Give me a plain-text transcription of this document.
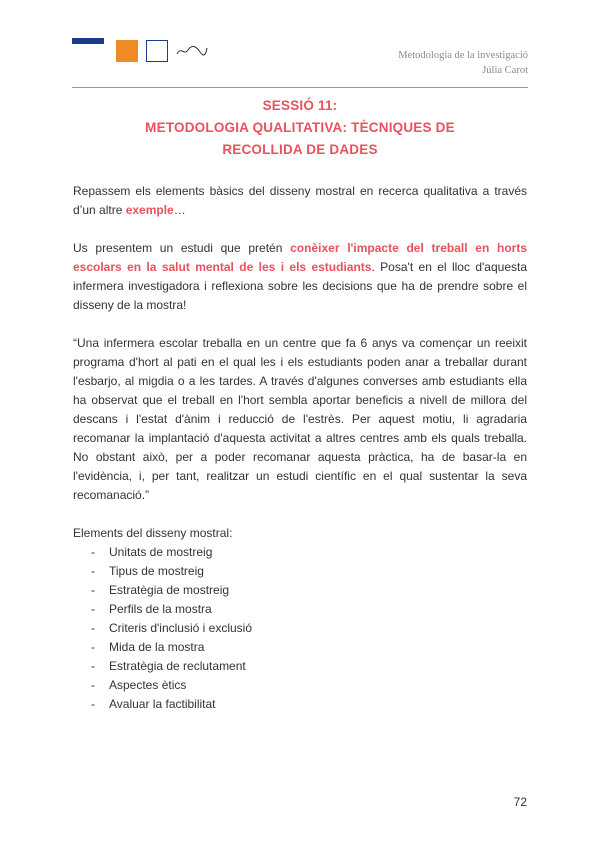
Metodologia de la investigació
Júlia Carot
SESSIÓ 11:
METODOLOGIA QUALITATIVA: TÈCNIQUES DE
RECOLLIDA DE DADES

Repassem els elements bàsics del disseny mostral en recerca qualitativa a través d’un altre exemple…

Us presentem un estudi que pretén conèixer l'impacte del treball en horts escolars en la salut mental de les i els estudiants. Posa't en el lloc d'aquesta infermera investigadora i reflexiona sobre les decisions que ha de prendre sobre el disseny de la mostra!

“Una infermera escolar treballa en un centre que fa 6 anys va començar un reeixit programa d'hort al pati en el qual les i els estudiants poden anar a treballar durant l'esbarjo, al migdia o a les tardes. A través d'algunes converses amb estudiants ella ha observat que el treball en l'hort sembla aportar beneficis a nivell de millora del descans i l'estat d'ànim i reducció de l'estrès. Per aquest motiu, li agradaria recomanar la implantació d'aquesta activitat a altres centres amb els quals treballa. No obstant això, per a poder recomanar aquesta pràctica, ha de basar-la en l'evidència, i, per tant, realitzar un estudi científic en el qual sustentar la seva recomanació.”

Elements del disseny mostral:

- Unitats de mostreig
- Tipus de mostreig
- Estratègia de mostreig
- Perfils de la mostra
- Criteris d'inclusió i exclusió
- Mida de la mostra
- Estratègia de reclutament
- Aspectes ètics
- Avaluar la factibilitat
72
